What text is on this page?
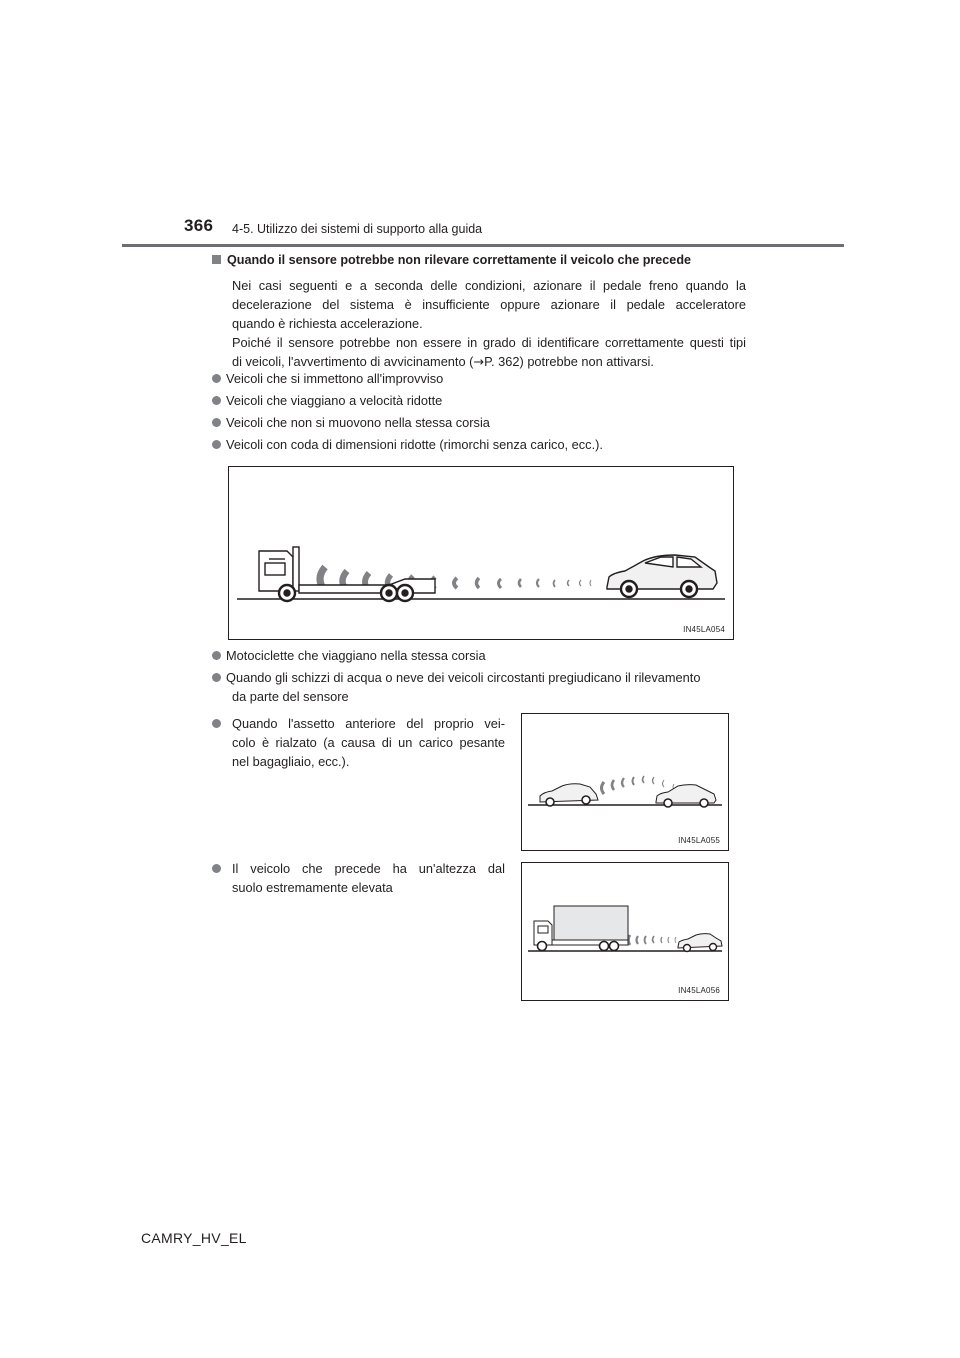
366 4-5. Utilizzo dei sistemi di supporto alla guida
Quando il sensore potrebbe non rilevare correttamente il veicolo che precede
Nei casi seguenti e a seconda delle condizioni, azionare il pedale freno quando la
decelerazione del sistema è insufficiente oppure azionare il pedale acceleratore
quando è richiesta accelerazione.
Poiché il sensore potrebbe non essere in grado di identificare correttamente questi tipi
di veicoli, l'avvertimento di avvicinamento (→P. 362) potrebbe non attivarsi.
Veicoli che si immettono all'improvviso
Veicoli che viaggiano a velocità ridotte
Veicoli che non si muovono nella stessa corsia
Veicoli con coda di dimensioni ridotte (rimorchi senza carico, ecc.).
IN45LA054
Motociclette che viaggiano nella stessa corsia
Quando gli schizzi di acqua o neve dei veicoli circostanti pregiudicano il rilevamento
da parte del sensore
Quando l'assetto anteriore del proprio vei-
colo è rialzato (a causa di un carico pesante
nel bagagliaio, ecc.).
IN45LA055
Il veicolo che precede ha un'altezza dal
suolo estremamente elevata
IN45LA056
CAMRY_HV_EL
